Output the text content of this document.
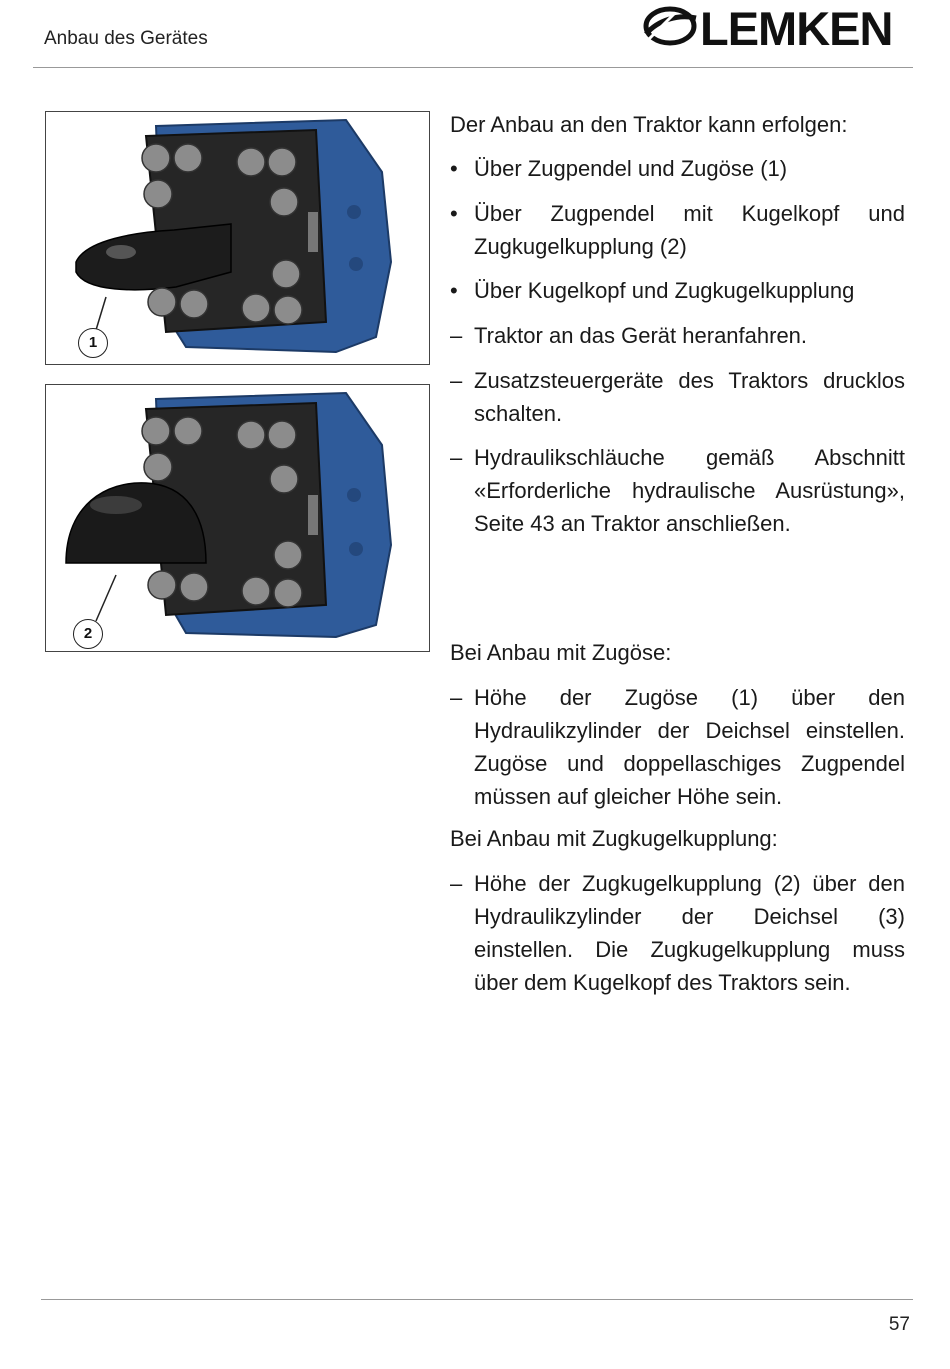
Anbau des Gerätes	LEMKEN
1
2

Der Anbau an den Traktor kann erfolgen:

• Über Zugpendel und Zugöse (1)
• Über Zugpendel mit Kugelkopf und Zugkugelkupplung (2)
• Über Kugelkopf und Zugkugelkupplung
– Traktor an das Gerät heranfahren.
– Zusatzsteuergeräte des Traktors drucklos schalten.
– Hydraulikschläuche gemäß Abschnitt «Erforderliche hydraulische Ausrüstung», Seite 43 an Traktor anschließen.

Bei Anbau mit Zugöse:

– Höhe der Zugöse (1) über den Hydraulikzylinder der Deichsel einstellen. Zugöse und doppellaschiges Zugpendel müssen auf gleicher Höhe sein.

Bei Anbau mit Zugkugelkupplung:

– Höhe der Zugkugelkupplung (2) über den Hydraulikzylinder der Deichsel (3) einstellen. Die Zugkugelkupplung muss über dem Kugelkopf des Traktors sein.
57
